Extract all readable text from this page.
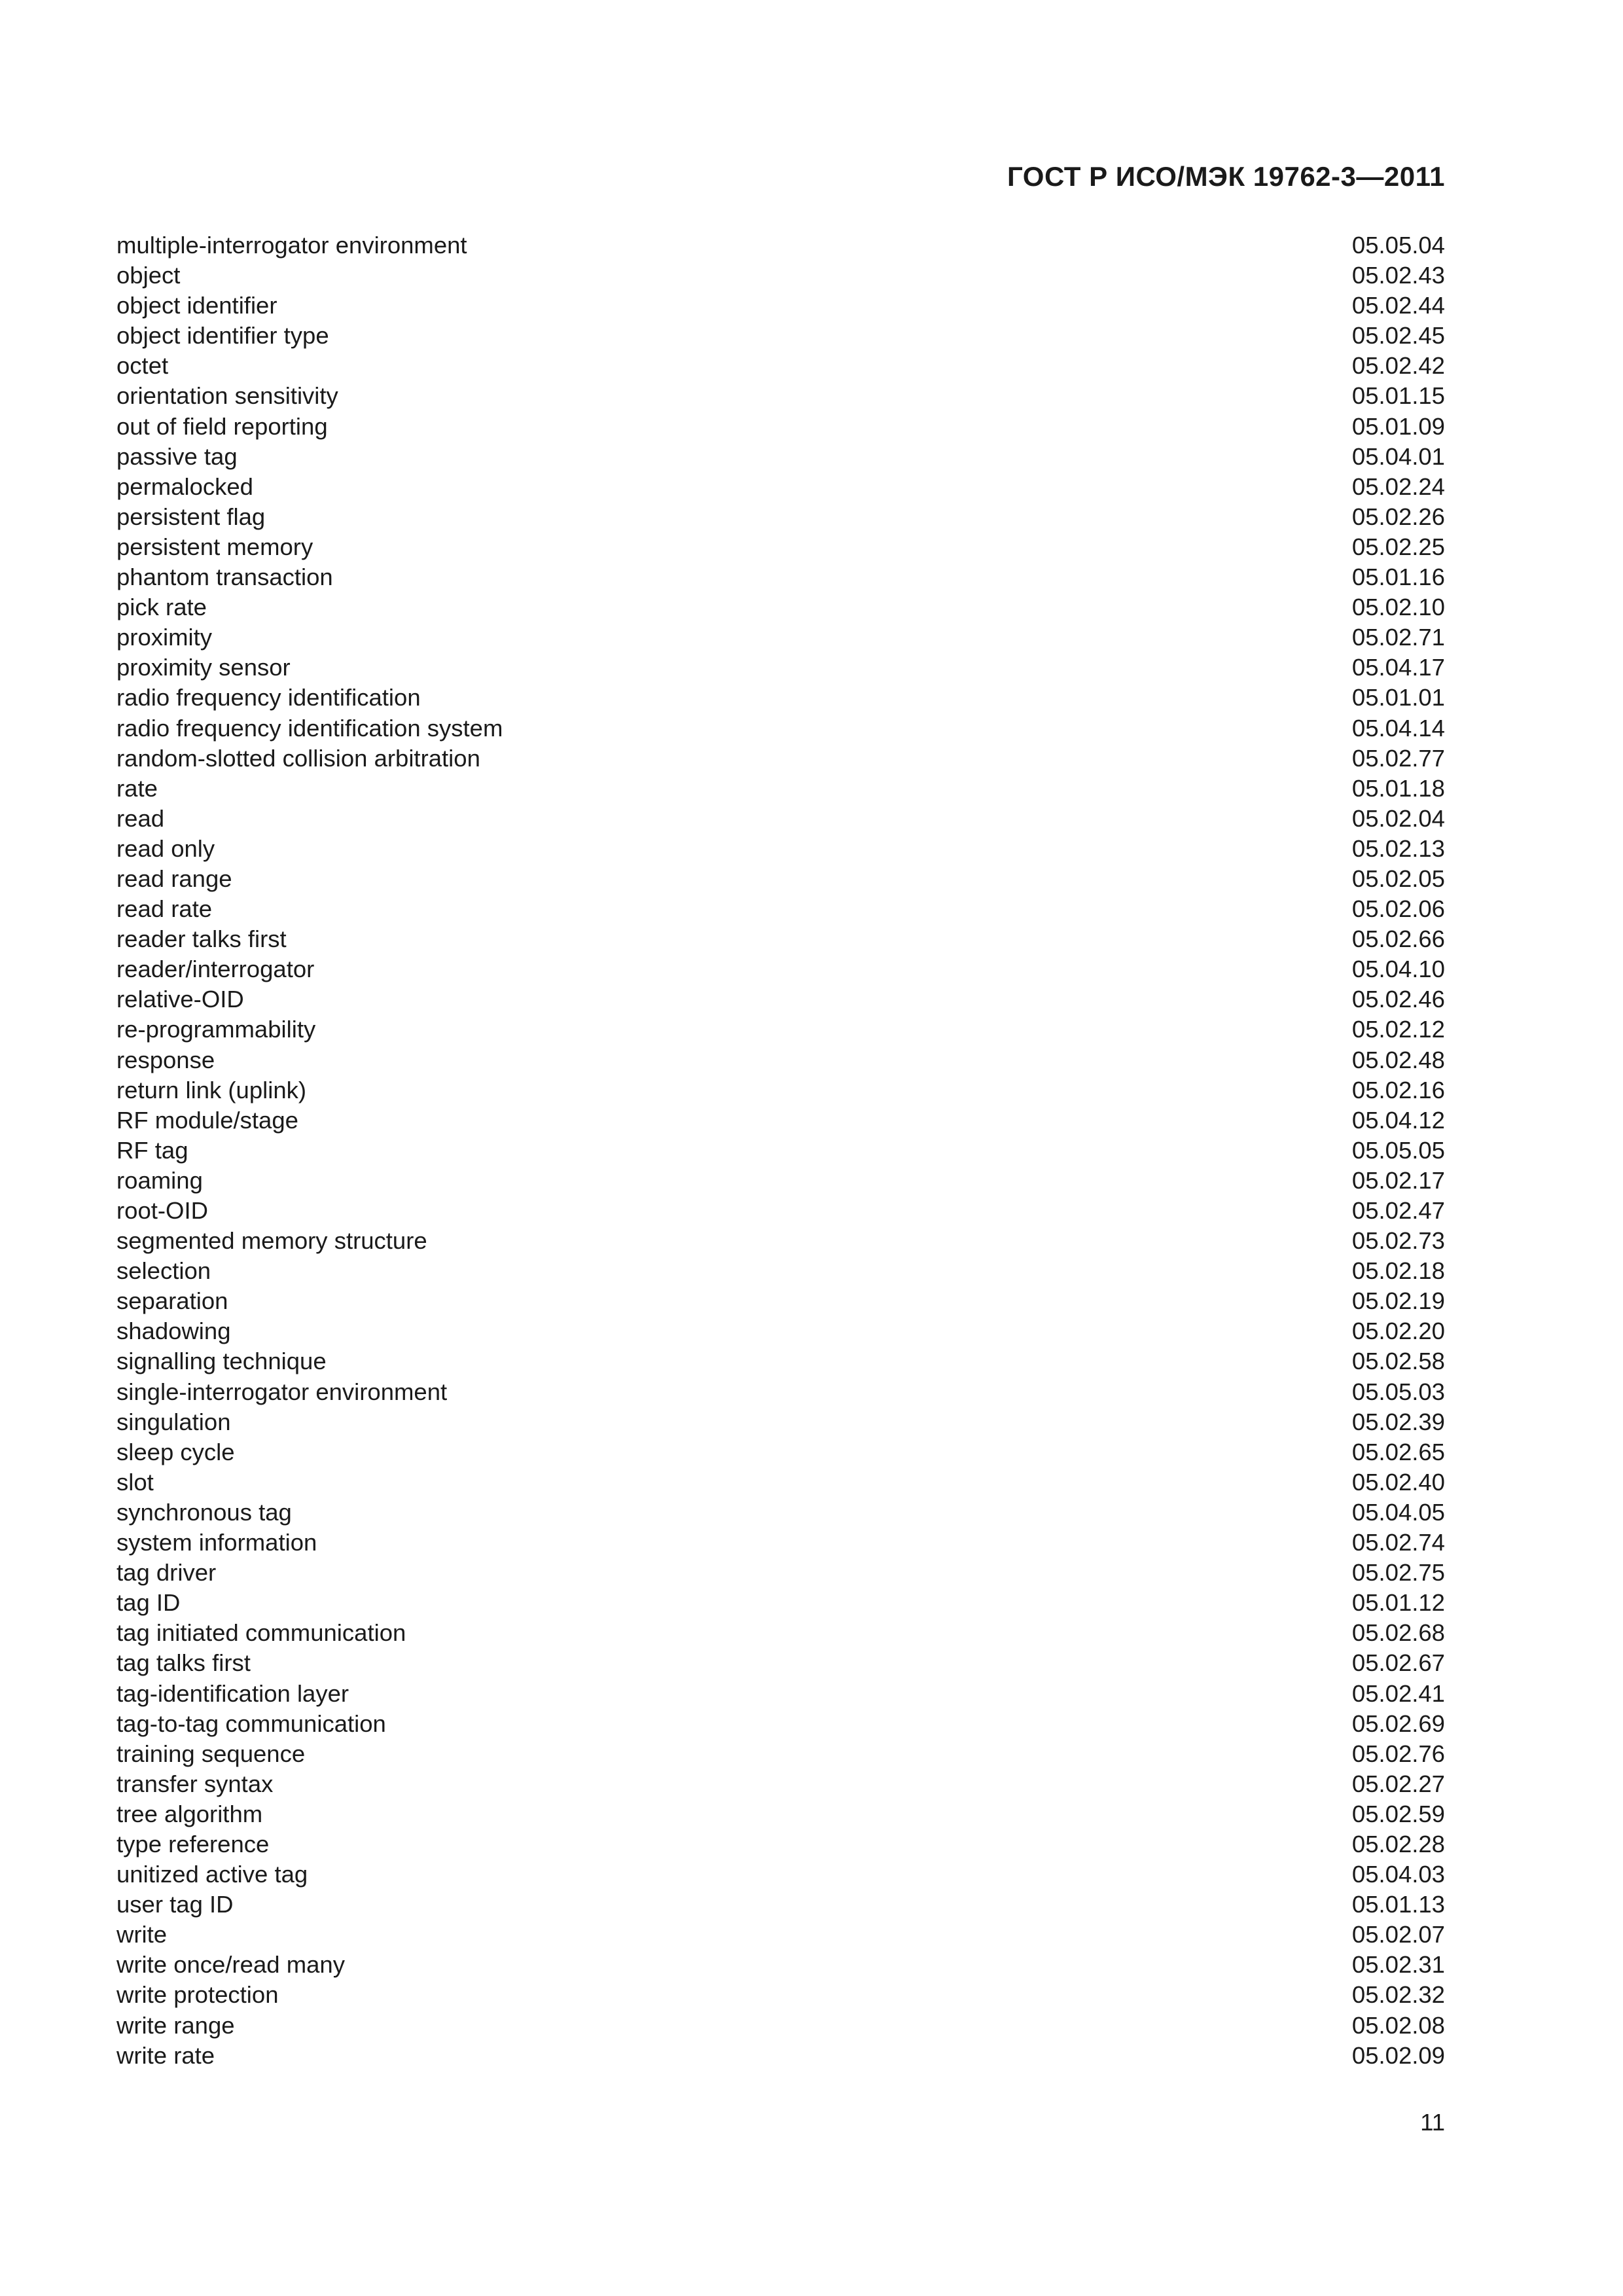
ГОСТ Р ИСО/МЭК 19762-3—2011
multiple-interrogator environment	05.05.04
object	05.02.43
object identifier	05.02.44
object identifier type	05.02.45
octet	05.02.42
orientation sensitivity	05.01.15
out of field reporting	05.01.09
passive tag	05.04.01
permalocked	05.02.24
persistent flag	05.02.26
persistent memory	05.02.25
phantom transaction	05.01.16
pick rate	05.02.10
proximity	05.02.71
proximity sensor	05.04.17
radio frequency identification	05.01.01
radio frequency identification system	05.04.14
random-slotted collision arbitration	05.02.77
rate	05.01.18
read	05.02.04
read only	05.02.13
read range	05.02.05
read rate	05.02.06
reader talks first	05.02.66
reader/interrogator	05.04.10
relative-OID	05.02.46
re-programmability	05.02.12
response	05.02.48
return link (uplink)	05.02.16
RF module/stage	05.04.12
RF tag	05.05.05
roaming	05.02.17
root-OID	05.02.47
segmented memory structure	05.02.73
selection	05.02.18
separation	05.02.19
shadowing	05.02.20
signalling technique	05.02.58
single-interrogator environment	05.05.03
singulation	05.02.39
sleep cycle	05.02.65
slot	05.02.40
synchronous tag	05.04.05
system information	05.02.74
tag driver	05.02.75
tag ID	05.01.12
tag initiated communication	05.02.68
tag talks first	05.02.67
tag-identification layer	05.02.41
tag-to-tag communication	05.02.69
training sequence	05.02.76
transfer syntax	05.02.27
tree algorithm	05.02.59
type reference	05.02.28
unitized active tag	05.04.03
user tag ID	05.01.13
write	05.02.07
write once/read many	05.02.31
write protection	05.02.32
write range	05.02.08
write rate	05.02.09
11
